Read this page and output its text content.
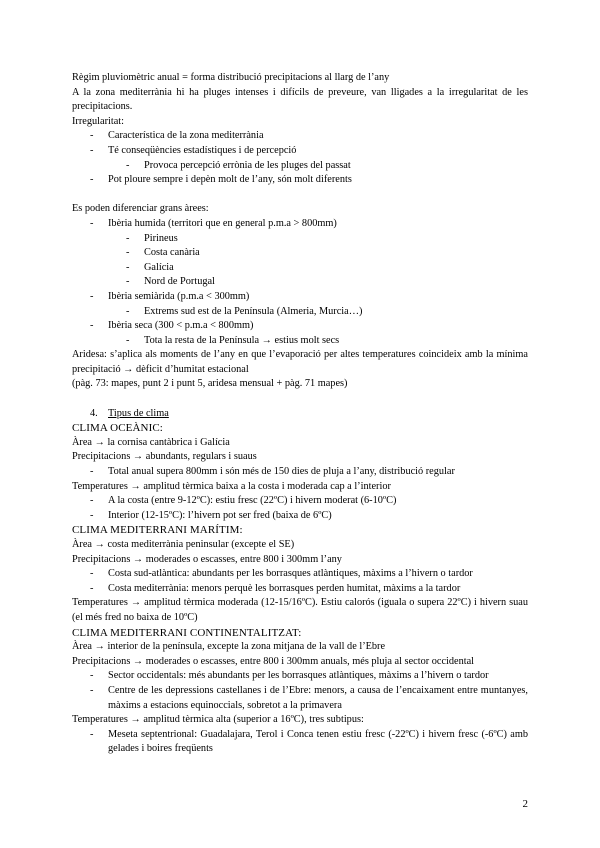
Règim pluviomètric anual = forma distribució precipitacions al llarg de l’any

A la zona mediterrània hi ha pluges intenses i difícils de preveure, van lligades a la irregularitat de les precipitacions.

Irregularitat:

- Característica de la zona mediterrània

- Té conseqüències estadístiques i de percepció

- Provoca percepció errònia de les pluges del passat

- Pot ploure sempre i depèn molt de l’any, són molt diferents

Es poden diferenciar grans àrees:

- Ibèria humida (territori que en general p.m.a > 800mm)

- Pirineus

- Costa canària

- Galícia

- Nord de Portugal

- Ibèria semiàrida (p.m.a < 300mm)

- Extrems sud est de la Península (Almeria, Murcia…)

- Ibèria seca (300 < p.m.a < 800mm)

- Tota la resta de la Península → estius molt secs

Aridesa: s’aplica als moments de l’any en que l’evaporació per altes temperatures coincideix amb la mínima precipitació → dèficit d’humitat estacional

(pàg. 73: mapes, punt 2 i punt 5, aridesa mensual + pàg. 71 mapes)

4. Tipus de clima

CLIMA OCEÀNIC:

Àrea → la cornisa cantàbrica i Galícia

Precipitacions → abundants, regulars i suaus

- Total anual supera 800mm i són més de 150 dies de pluja a l’any, distribució regular

Temperatures → amplitud tèrmica baixa a la costa i moderada cap a l’interior

- A la costa (entre 9-12ºC): estiu fresc (22ºC) i hivern moderat (6-10ºC)

- Interior (12-15ºC): l’hivern pot ser fred (baixa de 6ºC)

CLIMA MEDITERRANI MARÍTIM:

Àrea → costa mediterrània peninsular (excepte el SE)

Precipitacions → moderades o escasses, entre 800 i 300mm l’any

- Costa sud-atlàntica: abundants per les borrasques atlàntiques, màxims a l’hivern o tardor

- Costa mediterrània: menors perquè les borrasques perden humitat, màxims a la tardor

Temperatures → amplitud tèrmica moderada (12-15/16ºC). Estiu calorós (iguala o supera 22ºC) i hivern suau (el més fred no baixa de 10ºC)

CLIMA MEDITERRANI CONTINENTALITZAT:

Àrea → interior de la península, excepte la zona mitjana de la vall de l’Ebre

Precipitacions → moderades o escasses, entre 800 i 300mm anuals, més pluja al sector occidental

- Sector occidentals: més abundants per les borrasques atlàntiques, màxims a l’hivern o tardor

- Centre de les depressions castellanes i de l’Ebre: menors, a causa de l’encaixament entre muntanyes, màxims a estacions equinoccials, sobretot a la primavera

Temperatures → amplitud tèrmica alta (superior a 16ºC), tres subtipus:

- Meseta septentrional: Guadalajara, Terol i Conca tenen estiu fresc (-22ºC) i hivern fresc (-6ºC) amb gelades i boires freqüents

2
